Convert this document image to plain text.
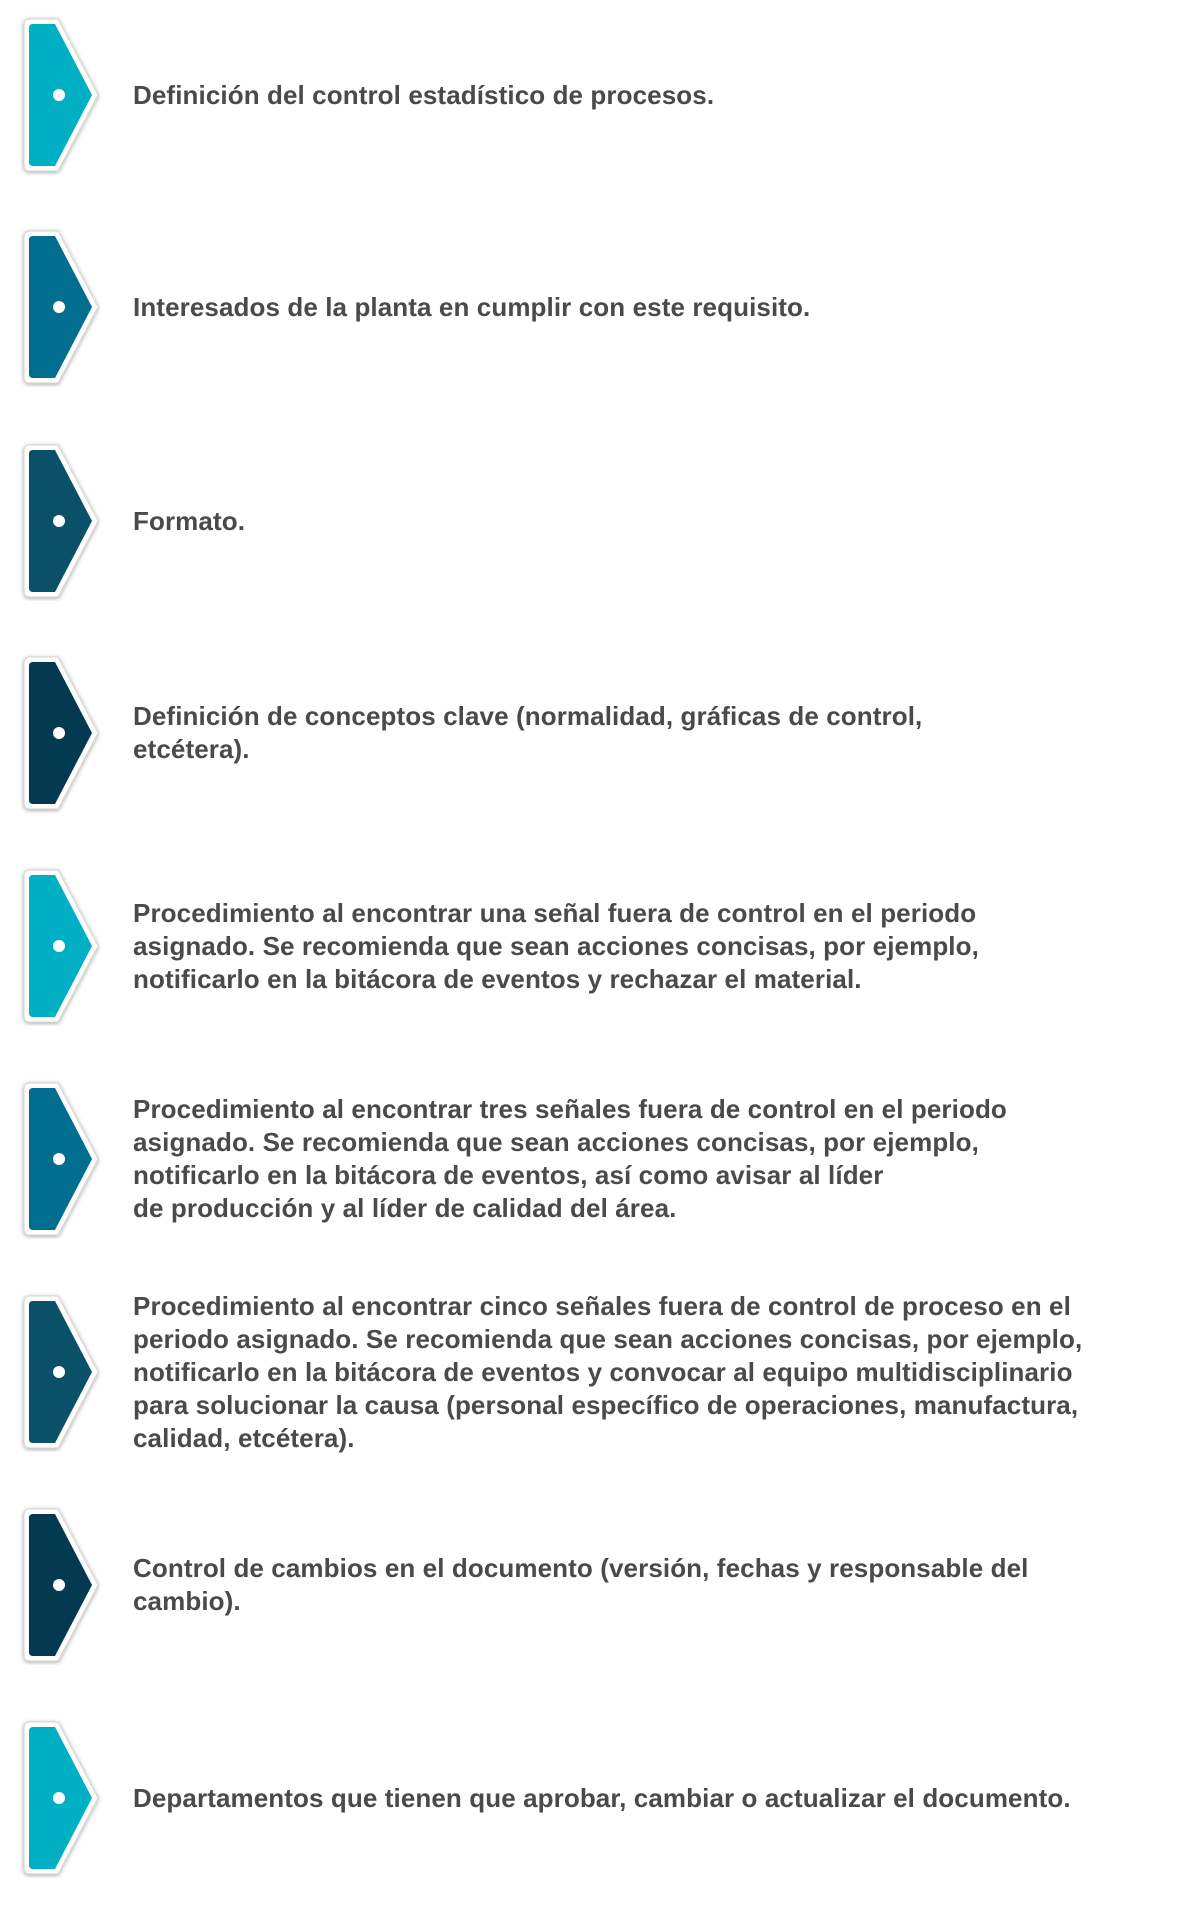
Definición del control estadístico de procesos.
Interesados de la planta en cumplir con este requisito.
Formato.
Definición de conceptos clave (normalidad, gráficas de control,
etcétera).
Procedimiento al encontrar una señal fuera de control en el periodo
asignado. Se recomienda que sean acciones concisas, por ejemplo,
notificarlo en la bitácora de eventos y rechazar el material.
Procedimiento al encontrar tres señales fuera de control en el periodo
asignado. Se recomienda que sean acciones concisas, por ejemplo,
notificarlo en la bitácora de eventos, así como avisar al líder
de producción y al líder de calidad del área.
Procedimiento al encontrar cinco señales fuera de control de proceso en el
periodo asignado. Se recomienda que sean acciones concisas, por ejemplo,
notificarlo en la bitácora de eventos y convocar al equipo multidisciplinario
para solucionar la causa (personal específico de operaciones, manufactura,
calidad, etcétera).
Control de cambios en el documento (versión, fechas y responsable del
cambio).
Departamentos que tienen que aprobar, cambiar o actualizar el documento.
